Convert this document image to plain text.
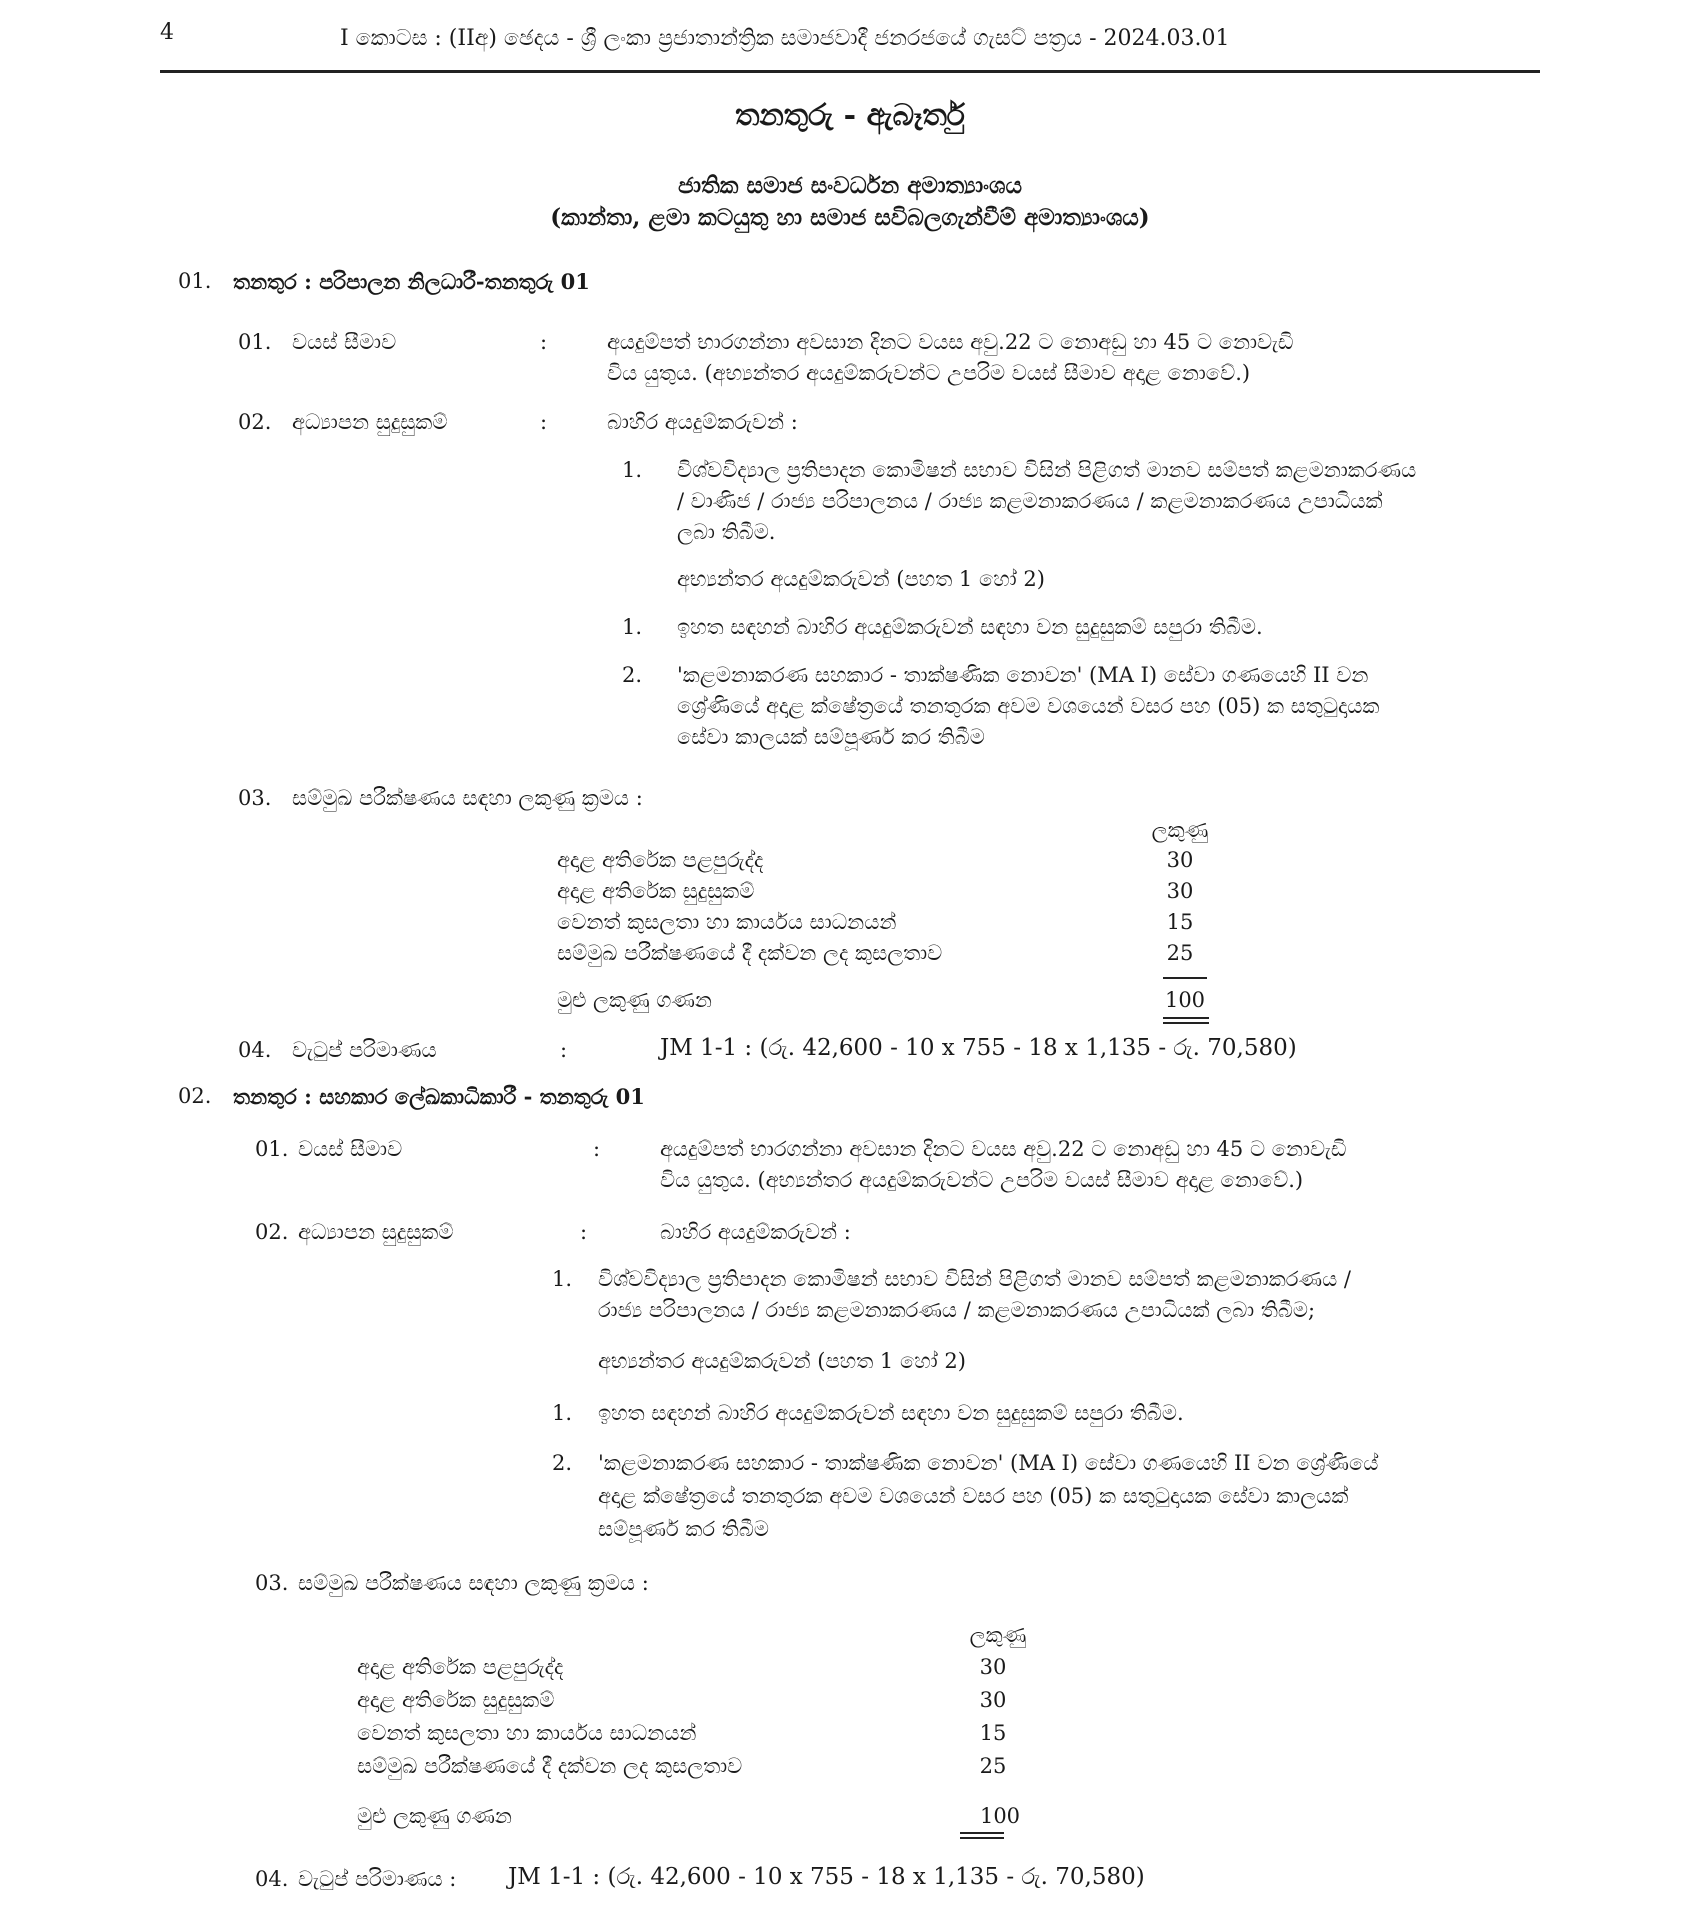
4	I කොටස : (IIඅ) ඡෙදය - ශ්‍රී ලංකා ප්‍රජාතාන්ත්‍රික සමාජවාදී ජනරජයේ ගැසට් පත්‍රය - 2024.03.01
තනතුරු - ඇබෑර්තු
ජාතික සමාජ සංවර්ධන අමාත්‍යාංශය
(කාන්තා, ළමා කටයුතු හා සමාජ සවිබලගැන්වීම් අමාත්‍යාංශය)
01. තනතුර : පරිපාලන නිලධාරී-තනතුරු 01
01. වයස් සීමාව	:	අයදුම්පත් භාරගන්නා අවසාන දිනට වයස අවු.22 ට නොඅඩු හා 45 ට නොවැඩි
විය යුතුය. (අභ්‍යන්තර අයදුම්කරුවන්ට උපරිම වයස් සීමාව අදාළ නොවේ.)
02. අධ්‍යාපන සුදුසුකම්	:	බාහිර අයදුම්කරුවන් :
1. විශ්වවිද්‍යාල ප්‍රතිපාදන කොමිෂන් සභාව විසින් පිළිගත් මානව සම්පත් කළමනාකරණය
/ වාණිජ / රාජ්‍ය පරිපාලනය / රාජ්‍ය කළමනාකරණය / කළමනාකරණය උපාධියක්
ලබා තිබීම.
අභ්‍යන්තර අයදුම්කරුවන් (පහත 1 හෝ 2)
1. ඉහත සඳහන් බාහිර අයදුම්කරුවන් සඳහා වන සුදුසුකම් සපුරා තිබීම.
2. 'කළමනාකරණ සහකාර - තාක්ෂණික නොවන' (MA I) සේවා ගණයෙහි II වන
ශ්‍රේණියේ අදාළ ක්ෂේත්‍රයේ තනතුරක අවම වශයෙන් වසර පහ (05) ක සතුටුදායක
සේවා කාලයක් සම්පූර්ණ කර තිබීම
03. සම්මුඛ පරීක්ෂණය සඳහා ලකුණු ක්‍රමය :
ලකුණු
අදාළ අතිරේක පළපුරුද්ද	30
අදාළ අතිරේක සුදුසුකම්	30
වෙනත් කුසලතා හා කාර්යය සාධනයන්	15
සම්මුඛ පරීක්ෂණයේ දී දක්වන ලද කුසලතාව	25
මුළු ලකුණු ගණන	100
04. වැටුප් පරිමාණය	:	JM 1-1 : (රු. 42,600 - 10 x 755 - 18 x 1,135 - රු. 70,580)
02. තනතුර : සහකාර ලේඛකාධිකාරී - තනතුරු 01
01. වයස් සීමාව	:	අයදුම්පත් භාරගන්නා අවසාන දිනට වයස අවු.22 ට නොඅඩු හා 45 ට නොවැඩි
විය යුතුය. (අභ්‍යන්තර අයදුම්කරුවන්ට උපරිම වයස් සීමාව අදාළ නොවේ.)
02. අධ්‍යාපන සුදුසුකම්	:	බාහිර අයදුම්කරුවන් :
1. විශ්වවිද්‍යාල ප්‍රතිපාදන කොමිෂන් සභාව විසින් පිළිගත් මානව සම්පත් කළමනාකරණය /
රාජ්‍ය පරිපාලනය / රාජ්‍ය කළමනාකරණය / කළමනාකරණය උපාධියක් ලබා තිබීම;
අභ්‍යන්තර අයදුම්කරුවන් (පහත 1 හෝ 2)
1. ඉහත සඳහන් බාහිර අයදුම්කරුවන් සඳහා වන සුදුසුකම් සපුරා තිබීම.
2. 'කළමනාකරණ සහකාර - තාක්ෂණික නොවන' (MA I) සේවා ගණයෙහි II වන ශ්‍රේණියේ
අදාළ ක්ෂේත්‍රයේ තනතුරක අවම වශයෙන් වසර පහ (05) ක සතුටුදායක සේවා කාලයක්
සම්පූර්ණ කර තිබීම
03. සම්මුඛ පරීක්ෂණය සඳහා ලකුණු ක්‍රමය :
ලකුණු
අදාළ අතිරේක පළපුරුද්ද	30
අදාළ අතිරේක සුදුසුකම්	30
වෙනත් කුසලතා හා කාර්යය සාධනයන්	15
සම්මුඛ පරීක්ෂණයේ දී දක්වන ලද කුසලතාව	25
මුළු ලකුණු ගණන	100
04. වැටුප් පරිමාණය : JM 1-1 : (රු. 42,600 - 10 x 755 - 18 x 1,135 - රු. 70,580)
